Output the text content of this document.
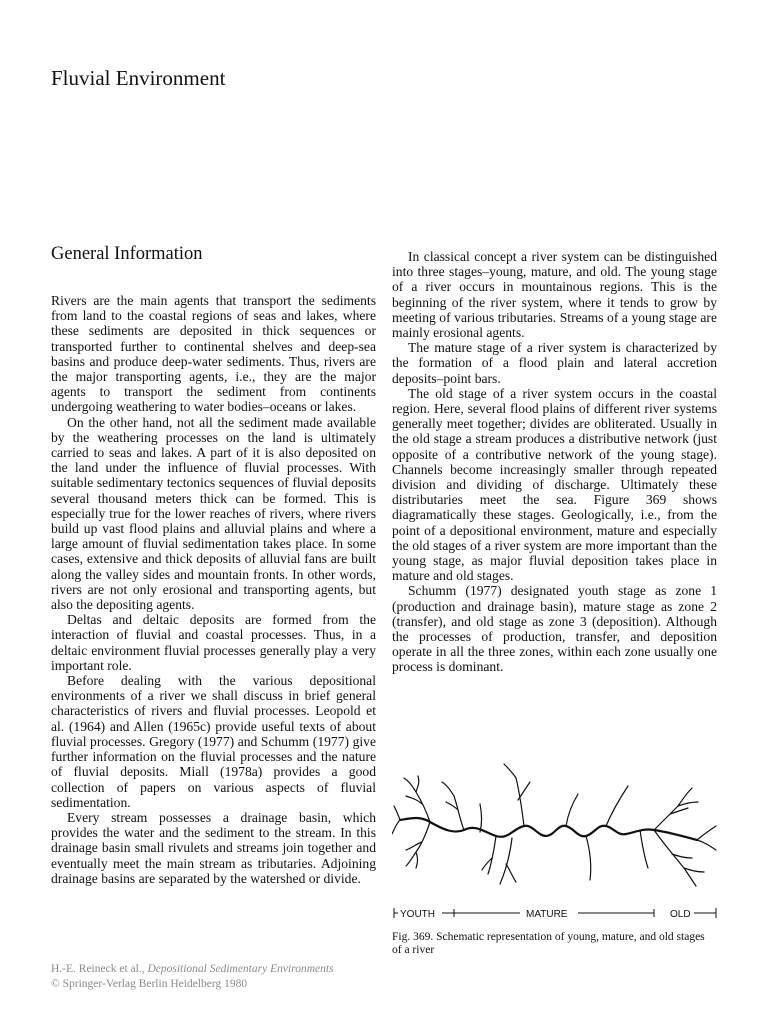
Fluvial Environment
General Information

Rivers are the main agents that transport the sediments from land to the coastal regions of seas and lakes, where these sediments are deposited in thick sequences or transported further to continental shelves and deep-sea basins and produce deep-water sediments. Thus, rivers are the major transporting agents, i.e., they are the major agents to transport the sediment from continents undergoing weathering to water bodies–oceans or lakes.

On the other hand, not all the sediment made available by the weathering processes on the land is ultimately carried to seas and lakes. A part of it is also deposited on the land under the influence of fluvial processes. With suitable sedimentary tectonics sequences of fluvial deposits several thousand meters thick can be formed. This is especially true for the lower reaches of rivers, where rivers build up vast flood plains and alluvial plains and where a large amount of fluvial sedimentation takes place. In some cases, extensive and thick deposits of alluvial fans are built along the valley sides and mountain fronts. In other words, rivers are not only erosional and transporting agents, but also the depositing agents.

Deltas and deltaic deposits are formed from the interaction of fluvial and coastal processes. Thus, in a deltaic environment fluvial processes generally play a very important role.

Before dealing with the various depositional environments of a river we shall discuss in brief general characteristics of rivers and fluvial processes. Leopold et al. (1964) and Allen (1965c) provide useful texts of about fluvial processes. Gregory (1977) and Schumm (1977) give further information on the fluvial processes and the nature of fluvial deposits. Miall (1978a) provides a good collection of papers on various aspects of fluvial sedimentation.

Every stream possesses a drainage basin, which provides the water and the sediment to the stream. In this drainage basin small rivulets and streams join together and eventually meet the main stream as tributaries. Adjoining drainage basins are separated by the watershed or divide.

In classical concept a river system can be distinguished into three stages–young, mature, and old. The young stage of a river occurs in mountainous regions. This is the beginning of the river system, where it tends to grow by meeting of various tributaries. Streams of a young stage are mainly erosional agents.

The mature stage of a river system is characterized by the formation of a flood plain and lateral accretion deposits–point bars.

The old stage of a river system occurs in the coastal region. Here, several flood plains of different river systems generally meet together; divides are obliterated. Usually in the old stage a stream produces a distributive network (just opposite of a contributive network of the young stage). Channels become increasingly smaller through repeated division and dividing of discharge. Ultimately these distributaries meet the sea. Figure 369 shows diagramatically these stages. Geologically, i.e., from the point of a depositional environment, mature and especially the old stages of a river system are more important than the young stage, as major fluvial deposition takes place in mature and old stages.

Schumm (1977) designated youth stage as zone 1 (production and drainage basin), mature stage as zone 2 (transfer), and old stage as zone 3 (deposition). Although the processes of production, transfer, and deposition operate in all the three zones, within each zone usually one process is dominant.

YOUTH	MATURE	OLD
Fig. 369. Schematic representation of young, mature, and old stages of a river
H.-E. Reineck et al., Depositional Sedimentary Environments
© Springer-Verlag Berlin Heidelberg 1980
